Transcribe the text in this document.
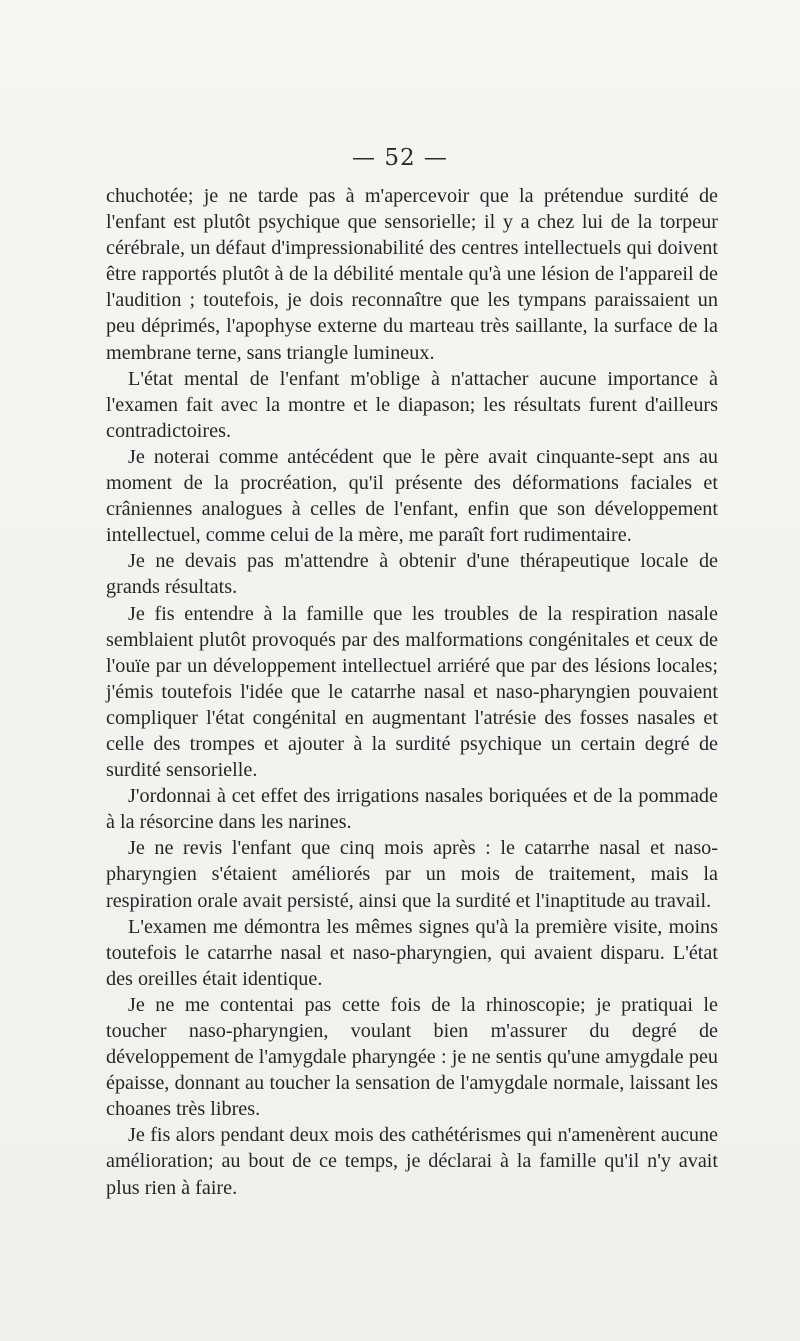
— 52 —

chuchotée; je ne tarde pas à m'apercevoir que la prétendue surdité de l'enfant est plutôt psychique que sensorielle; il y a chez lui de la torpeur cérébrale, un défaut d'impressionabilité des centres intellectuels qui doivent être rapportés plutôt à de la débilité mentale qu'à une lésion de l'appareil de l'audition ; toutefois, je dois reconnaître que les tympans paraissaient un peu déprimés, l'apophyse externe du marteau très saillante, la surface de la membrane terne, sans triangle lumineux.

L'état mental de l'enfant m'oblige à n'attacher aucune importance à l'examen fait avec la montre et le diapason; les résultats furent d'ailleurs contradictoires.

Je noterai comme antécédent que le père avait cinquante-sept ans au moment de la procréation, qu'il présente des déformations faciales et crâniennes analogues à celles de l'enfant, enfin que son développement intellectuel, comme celui de la mère, me paraît fort rudimentaire.

Je ne devais pas m'attendre à obtenir d'une thérapeutique locale de grands résultats.

Je fis entendre à la famille que les troubles de la respiration nasale semblaient plutôt provoqués par des malformations congénitales et ceux de l'ouïe par un développement intellectuel arriéré que par des lésions locales; j'émis toutefois l'idée que le catarrhe nasal et naso-pharyngien pouvaient compliquer l'état congénital en augmentant l'atrésie des fosses nasales et celle des trompes et ajouter à la surdité psychique un certain degré de surdité sensorielle.

J'ordonnai à cet effet des irrigations nasales boriquées et de la pommade à la résorcine dans les narines.

Je ne revis l'enfant que cinq mois après : le catarrhe nasal et naso-pharyngien s'étaient améliorés par un mois de traitement, mais la respiration orale avait persisté, ainsi que la surdité et l'inaptitude au travail.

L'examen me démontra les mêmes signes qu'à la première visite, moins toutefois le catarrhe nasal et naso-pharyngien, qui avaient disparu. L'état des oreilles était identique.

Je ne me contentai pas cette fois de la rhinoscopie; je pratiquai le toucher naso-pharyngien, voulant bien m'assurer du degré de développement de l'amygdale pharyngée : je ne sentis qu'une amygdale peu épaisse, donnant au toucher la sensation de l'amygdale normale, laissant les choanes très libres.

Je fis alors pendant deux mois des cathétérismes qui n'amenèrent aucune amélioration; au bout de ce temps, je déclarai à la famille qu'il n'y avait plus rien à faire.
